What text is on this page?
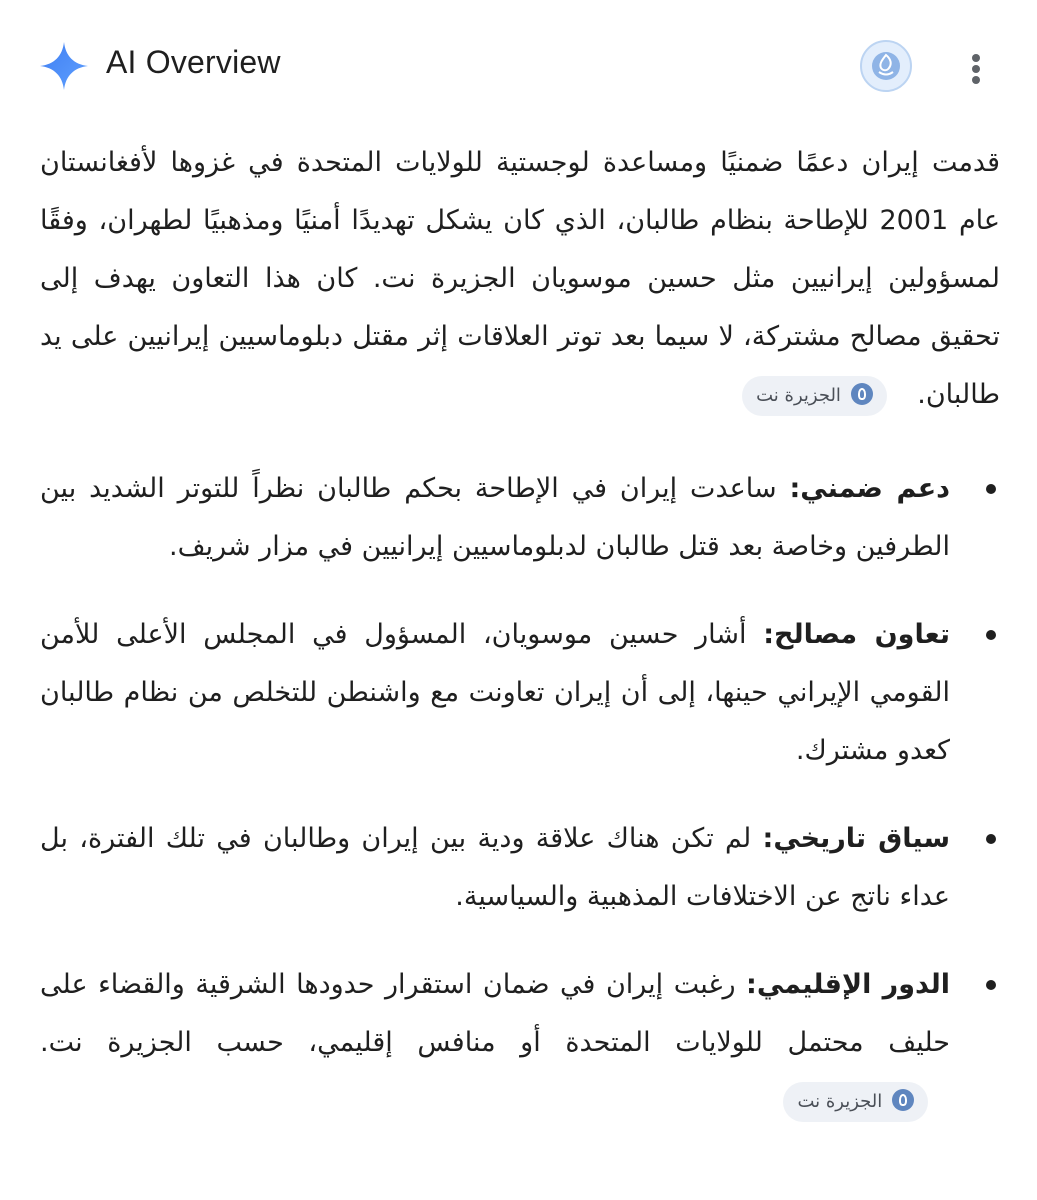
AI Overview

قدمت إيران دعمًا ضمنيًا ومساعدة لوجستية للولايات المتحدة في غزوها لأفغانستان عام 2001 للإطاحة بنظام طالبان، الذي كان يشكل تهديدًا أمنيًا ومذهبيًا لطهران، وفقًا لمسؤولين إيرانيين مثل حسين موسويان الجزيرة نت. كان هذا التعاون يهدف إلى تحقيق مصالح مشتركة، لا سيما بعد توتر العلاقات إثر مقتل دبلوماسيين إيرانيين على يد طالبان.  الجزيرة نت

دعم ضمني: ساعدت إيران في الإطاحة بحكم طالبان نظراً للتوتر الشديد بين الطرفين وخاصة بعد قتل طالبان لدبلوماسيين إيرانيين في مزار شريف.
تعاون مصالح: أشار حسين موسويان، المسؤول في المجلس الأعلى للأمن القومي الإيراني حينها، إلى أن إيران تعاونت مع واشنطن للتخلص من نظام طالبان كعدو مشترك.
سياق تاريخي: لم تكن هناك علاقة ودية بين إيران وطالبان في تلك الفترة، بل عداء ناتج عن الاختلافات المذهبية والسياسية.
الدور الإقليمي: رغبت إيران في ضمان استقرار حدودها الشرقية والقضاء على حليف محتمل للولايات المتحدة أو منافس إقليمي، حسب الجزيرة نت.  الجزيرة نت
